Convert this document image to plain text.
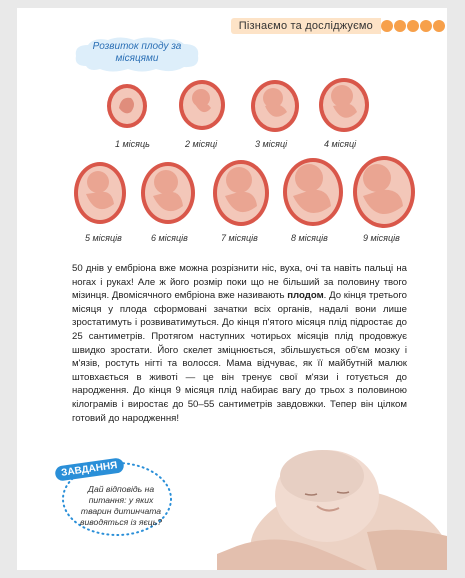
Пізнаємо та досліджуємо
Розвиток плоду за місяцями
1 місяць	2 місяці	3 місяці	4 місяці
5 місяців	6 місяців	7 місяців	8 місяців	9 місяців
50 днів у ембріона вже можна розрізнити ніс, вуха, очі та навіть пальці на ногах і руках! Але ж його розмір поки що не більший за половину твого мізинця. Двомісячного ембріона вже називають плодом. До кінця третього місяця у плода сформовані зачатки всіх органів, надалі вони лише зростатимуть і розвиватимуться. До кінця п'ятого місяця плід підростає до 25 сантиметрів. Протягом наступних чотирьох місяців плід продовжує швидко зростати. Його скелет зміцнюється, збільшується об'єм мозку і м'язів, ростуть нігті та волосся. Мама відчуває, як її майбутній малюк штовхається в животі — це він тренує свої м'язи і готується до народження. До кінця 9 місяця плід набирає вагу до трьох з половиною кілограмів і виростає до 50–55 сантиметрів завдовжки. Тепер він цілком готовий до народження!
ЗАВДАННЯ
Дай відповідь на питання: у яких тварин дитинчата виводяться із яєць?
